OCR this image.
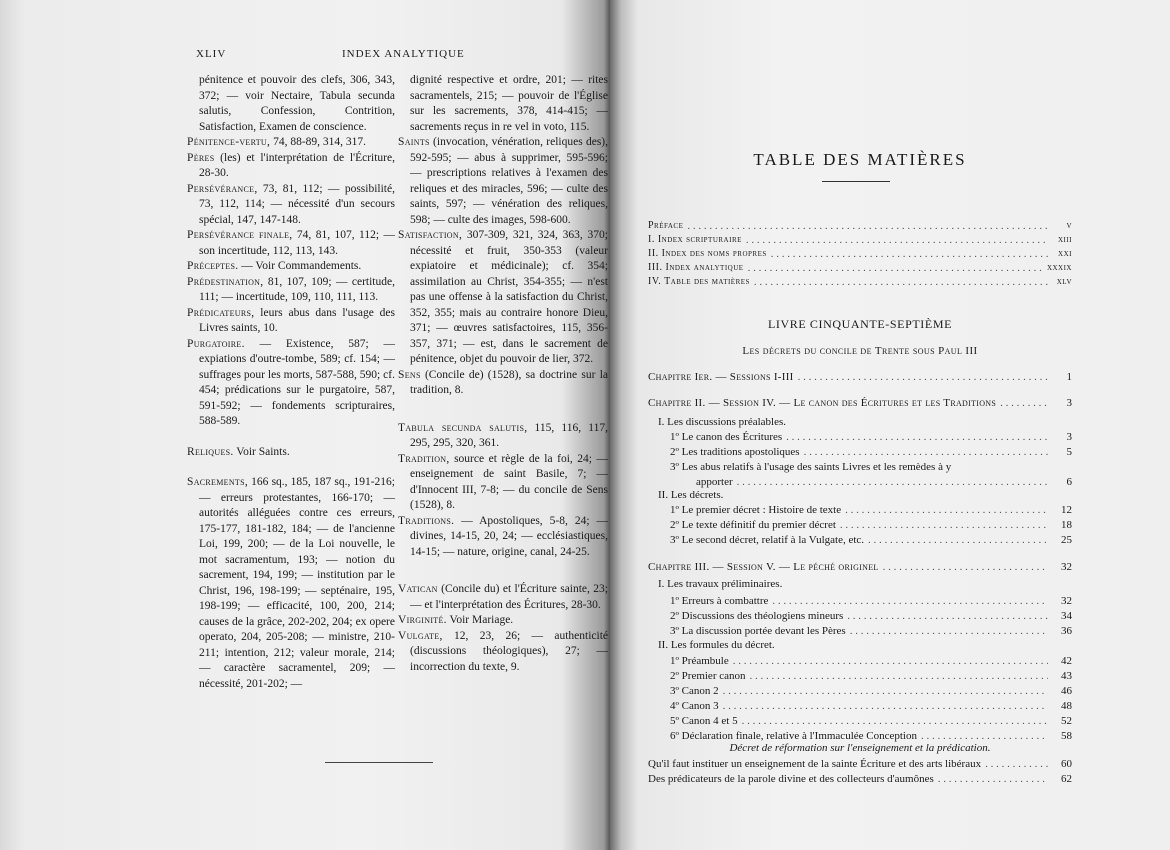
XLIV	INDEX ANALYTIQUE

pénitence et pouvoir des clefs, 306, 343, 372; — voir Nectaire, Tabula secunda salutis, Confession, Contrition, Satisfaction, Examen de conscience.

Pénitence-vertu, 74, 88-89, 314, 317.

Pères (les) et l'interprétation de l'Écriture, 28-30.

Persévérance, 73, 81, 112; — possibilité, 73, 112, 114; — nécessité d'un secours spécial, 147, 147-148.

Persévérance finale, 74, 81, 107, 112; — son incertitude, 112, 113, 143.

Préceptes. — Voir Commandements.

Prédestination, 81, 107, 109; — certitude, 111; — incertitude, 109, 110, 111, 113.

Prédicateurs, leurs abus dans l'usage des Livres saints, 10.

Purgatoire. — Existence, 587; — expiations d'outre-tombe, 589; cf. 154; — suffrages pour les morts, 587-588, 590; cf. 454; prédications sur le purgatoire, 587, 591-592; — fondements scripturaires, 588-589.

Reliques. Voir Saints.

Sacrements, 166 sq., 185, 187 sq., 191-216; — erreurs protestantes, 166-170; — autorités alléguées contre ces erreurs, 175-177, 181-182, 184; — de l'ancienne Loi, 199, 200; — de la Loi nouvelle, le mot sacramentum, 193; — notion du sacrement, 194, 199; — institution par le Christ, 196, 198-199; — septénaire, 195, 198-199; — efficacité, 100, 200, 214; causes de la grâce, 202-202, 204; ex opere operato, 204, 205-208; — ministre, 210-211; intention, 212; valeur morale, 214; — caractère sacramentel, 209; — nécessité, 201-202; —

dignité respective et ordre, 201; — rites sacramentels, 215; — pouvoir de l'Église sur les sacrements, 378, 414-415; — sacrements reçus in re vel in voto, 115.

Saints (invocation, vénération, reliques des), 592-595; — abus à supprimer, 595-596; — prescriptions relatives à l'examen des reliques et des miracles, 596; — culte des saints, 597; — vénération des reliques, 598; — culte des images, 598-600.

Satisfaction, 307-309, 321, 324, 363, 370; nécessité et fruit, 350-353 (valeur expiatoire et médicinale); cf. 354; assimilation au Christ, 354-355; — n'est pas une offense à la satisfaction du Christ, 352, 355; mais au contraire honore Dieu, 371; — œuvres satisfactoires, 115, 356-357, 371; — est, dans le sacrement de pénitence, objet du pouvoir de lier, 372.

Sens (Concile de) (1528), sa doctrine sur la tradition, 8.

Tabula secunda salutis, 115, 116, 117, 295, 295, 320, 361.

Tradition, source et règle de la foi, 24; — enseignement de saint Basile, 7; — d'Innocent III, 7-8; — du concile de Sens (1528), 8.

Traditions. — Apostoliques, 5-8, 24; — divines, 14-15, 20, 24; — ecclésiastiques, 14-15; — nature, origine, canal, 24-25.

Vatican (Concile du) et l'Écriture sainte, 23; — et l'interprétation des Écritures, 28-30.

Virginité. Voir Mariage.

Vulgate, 12, 23, 26; — authenticité (discussions théologiques), 27; — incorrection du texte, 9.

TABLE DES MATIÈRES
Préface . . .	v
I. Index scripturaire . . .	xiii
II. Index des noms propres . . .	xxi
III. Index analytique . . .	xxxix
IV. Table des matières . . .	xlv
LIVRE CINQUANTE-SEPTIÈME
Les décrets du concile de Trente sous Paul III
Chapitre Ier. — Sessions I-III . . .	1
Chapitre II. — Session IV. — Le canon des Écritures et les Traditions . . .	3
I. Les discussions préalables.
1º Le canon des Écritures . . .	3
2º Les traditions apostoliques . . .	5
3º Les abus relatifs à l'usage des saints Livres et les remèdes à y
apporter . . .	6
II. Les décrets.
1º Le premier décret : Histoire de texte . . .	12
2º Le texte définitif du premier décret . . .	18
3º Le second décret, relatif à la Vulgate, etc. . . .	25
Chapitre III. — Session V. — Le péché originel . . .	32
I. Les travaux préliminaires.
1º Erreurs à combattre . . .	32
2º Discussions des théologiens mineurs . . .	34
3º La discussion portée devant les Pères . . .	36
II. Les formules du décret.
1º Préambule . . .	42
2º Premier canon . . .	43
3º Canon 2 . . .	46
4º Canon 3 . . .	48
5º Canon 4 et 5 . . .	52
6º Déclaration finale, relative à l'Immaculée Conception . . .	58
Décret de réformation sur l'enseignement et la prédication.
Qu'il faut instituer un enseignement de la sainte Écriture et des arts libéraux . . .	60
Des prédicateurs de la parole divine et des collecteurs d'aumônes . . .	62
